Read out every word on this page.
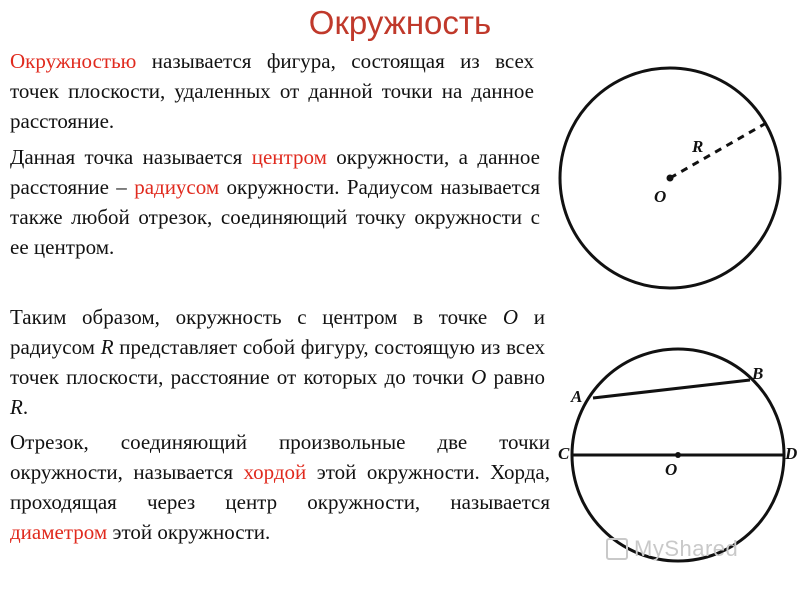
Окружность
Окружностью называется фигура, состоящая из всех точек плоскости, удаленных от данной точки на данное расстояние.
Данная точка называется центром окружности, а данное расстояние – радиусом окружности. Радиусом называется также любой отрезок, соединяющий точку окружности с ее центром.
Таким образом, окружность с центром в точке O и радиусом R представляет собой фигуру, состоящую из всех точек плоскости, расстояние от которых до точки O равно R.
Отрезок, соединяющий произвольные две точки окружности, называется хордой этой окружности. Хорда, проходящая через центр окружности, называется диаметром этой окружности.
R
O
A
B
C	D
O
MyShared
